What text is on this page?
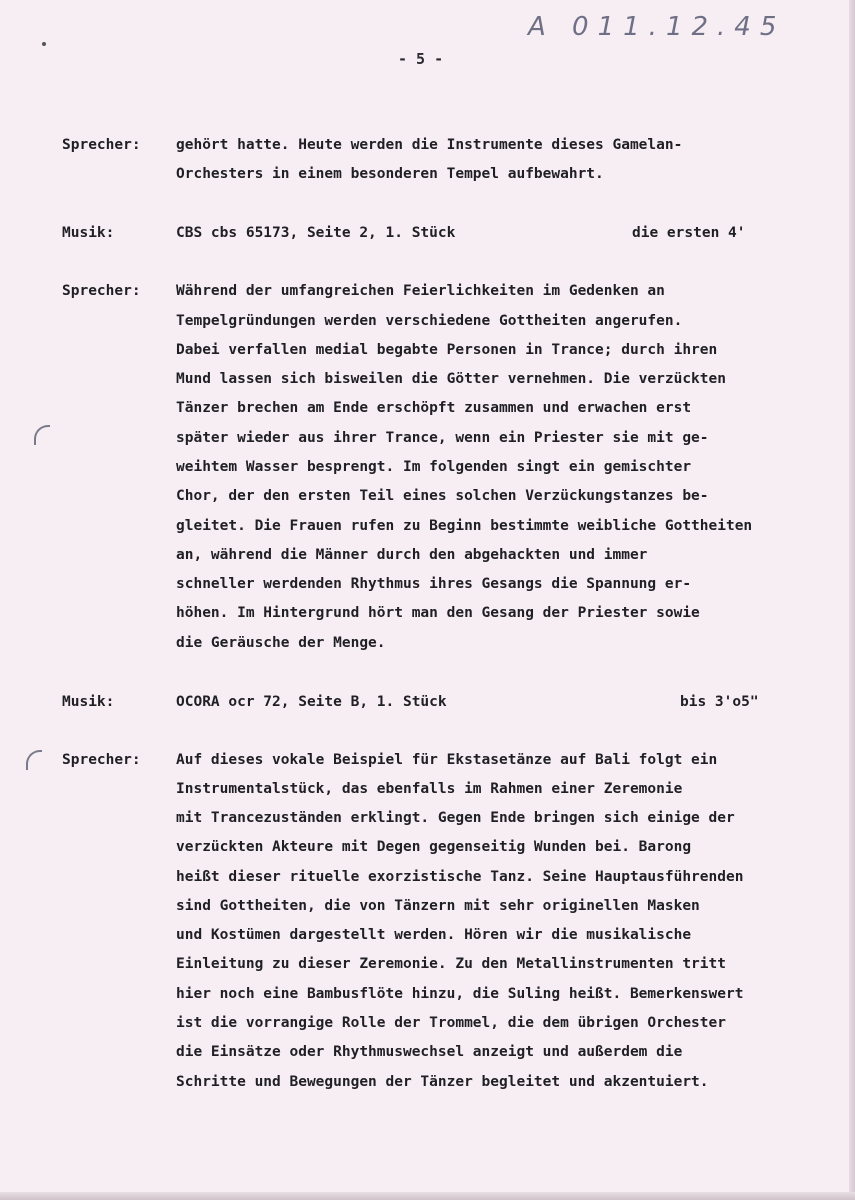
A 011.12.45
- 5 -
Sprecher:	gehört hatte. Heute werden die Instrumente dieses Gamelan-
Orchesters in einem besonderen Tempel aufbewahrt.
Musik:	CBS cbs 65173, Seite 2, 1. Stück	die ersten 4'
Sprecher:	Während der umfangreichen Feierlichkeiten im Gedenken an
Tempelgründungen werden verschiedene Gottheiten angerufen.
Dabei verfallen medial begabte Personen in Trance; durch ihren
Mund lassen sich bisweilen die Götter vernehmen. Die verzückten
Tänzer brechen am Ende erschöpft zusammen und erwachen erst
später wieder aus ihrer Trance, wenn ein Priester sie mit ge-
weihtem Wasser besprengt. Im folgenden singt ein gemischter
Chor, der den ersten Teil eines solchen Verzückungstanzes be-
gleitet. Die Frauen rufen zu Beginn bestimmte weibliche Gottheiten
an, während die Männer durch den abgehackten und immer
schneller werdenden Rhythmus ihres Gesangs die Spannung er-
höhen. Im Hintergrund hört man den Gesang der Priester sowie
die Geräusche der Menge.
Musik:	OCORA ocr 72, Seite B, 1. Stück	bis 3'o5"
Sprecher:	Auf dieses vokale Beispiel für Ekstasetänze auf Bali folgt ein
Instrumentalstück, das ebenfalls im Rahmen einer Zeremonie
mit Trancezuständen erklingt. Gegen Ende bringen sich einige der
verzückten Akteure mit Degen gegenseitig Wunden bei. Barong
heißt dieser rituelle exorzistische Tanz. Seine Hauptausführenden
sind Gottheiten, die von Tänzern mit sehr originellen Masken
und Kostümen dargestellt werden. Hören wir die musikalische
Einleitung zu dieser Zeremonie. Zu den Metallinstrumenten tritt
hier noch eine Bambusflöte hinzu, die Suling heißt. Bemerkenswert
ist die vorrangige Rolle der Trommel, die dem übrigen Orchester
die Einsätze oder Rhythmuswechsel anzeigt und außerdem die
Schritte und Bewegungen der Tänzer begleitet und akzentuiert.
